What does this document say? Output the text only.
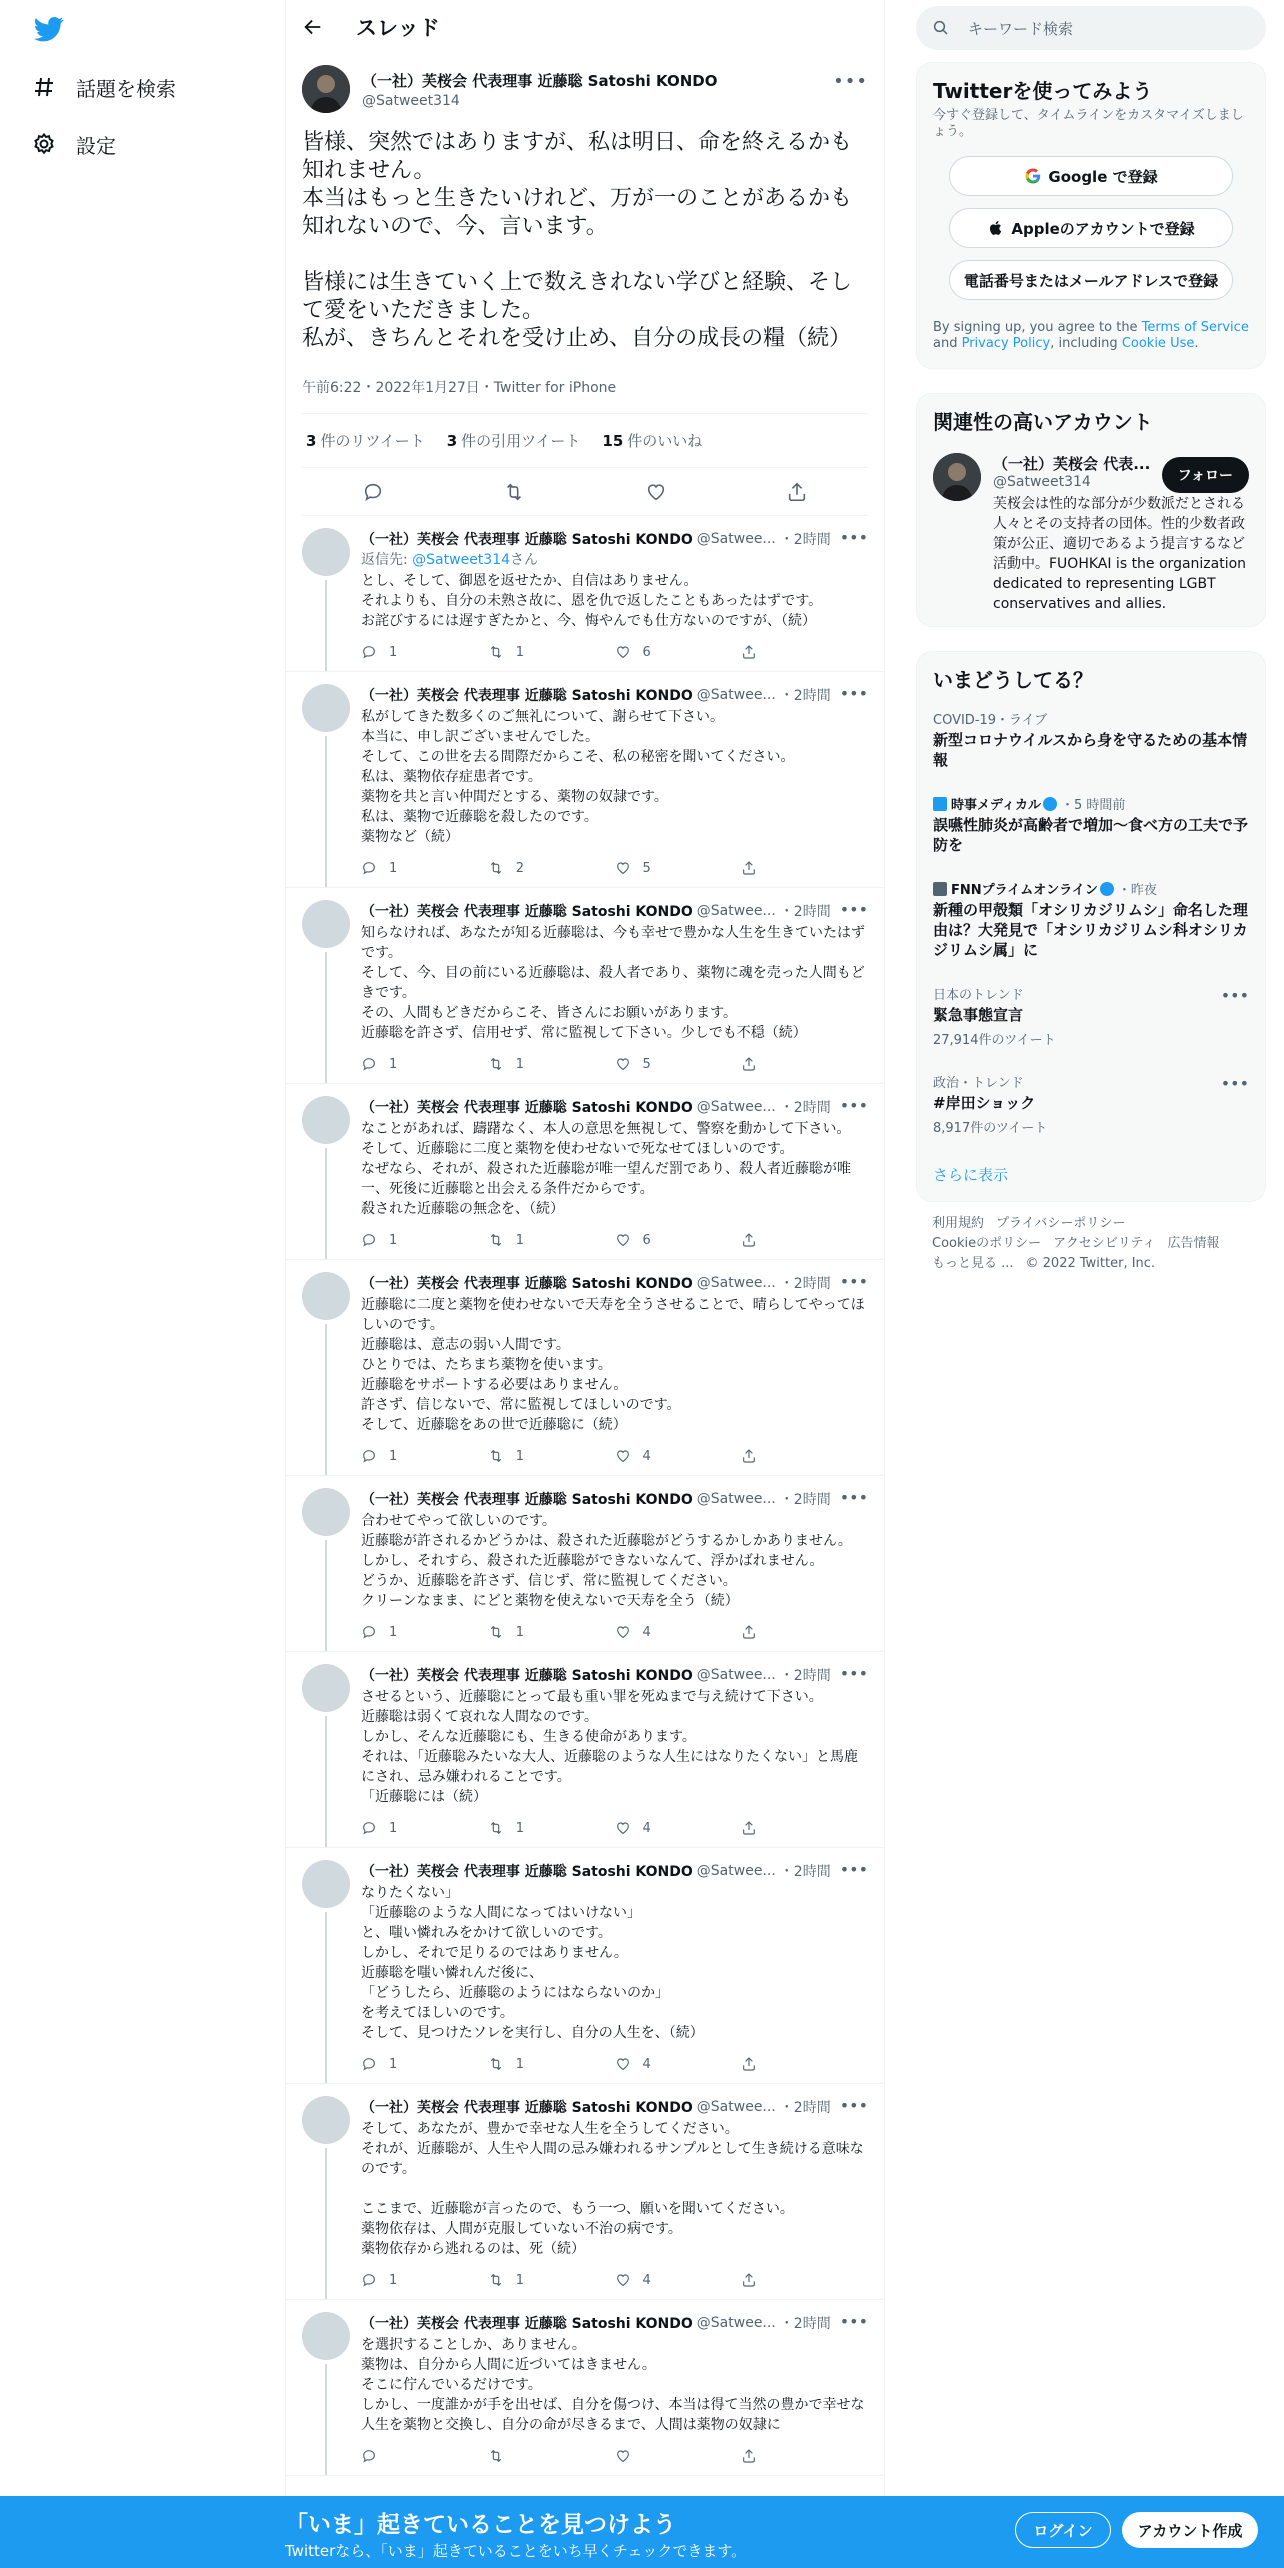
話題を検索
設定
スレッド
（一社）芙桜会 代表理事 近藤聡 Satoshi KONDO
@Satweet314
•••
皆様、突然ではありますが、私は明日、命を終えるかも知れません。
本当はもっと生きたいけれど、万が一のことがあるかも知れないので、今、言います。

皆様には生きていく上で数えきれない学びと経験、そして愛をいただきました。
私が、きちんとそれを受け止め、自分の成長の糧（続）
午前6:22・2022年1月27日・Twitter for iPhone
3 件のリツイート 3 件の引用ツイート 15 件のいいね
（一社）芙桜会 代表理事 近藤聡 Satoshi KONDO @Satwee... ・2時間 •••
返信先: @Satweet314さん
とし、そして、御恩を返せたか、自信はありません。
それよりも、自分の未熟さ故に、恩を仇で返したこともあったはずです。
お詫びするには遅すぎたかと、今、悔やんでも仕方ないのですが、（続）
1	1	6
（一社）芙桜会 代表理事 近藤聡 Satoshi KONDO @Satwee... ・2時間 •••
私がしてきた数多くのご無礼について、謝らせて下さい。
本当に、申し訳ございませんでした。
そして、この世を去る間際だからこそ、私の秘密を聞いてください。
私は、薬物依存症患者です。
薬物を共と言い仲間だとする、薬物の奴隷です。
私は、薬物で近藤聡を殺したのです。
薬物など（続）
1	2	5
（一社）芙桜会 代表理事 近藤聡 Satoshi KONDO @Satwee... ・2時間 •••
知らなければ、あなたが知る近藤聡は、今も幸せで豊かな人生を生きていたはずです。
そして、今、目の前にいる近藤聡は、殺人者であり、薬物に魂を売った人間もどきです。
その、人間もどきだからこそ、皆さんにお願いがあります。
近藤聡を許さず、信用せず、常に監視して下さい。少しでも不穏（続）
1	1	5
（一社）芙桜会 代表理事 近藤聡 Satoshi KONDO @Satwee... ・2時間 •••
なことがあれば、躊躇なく、本人の意思を無視して、警察を動かして下さい。
そして、近藤聡に二度と薬物を使わせないで死なせてほしいのです。
なぜなら、それが、殺された近藤聡が唯一望んだ罰であり、殺人者近藤聡が唯一、死後に近藤聡と出会える条件だからです。
殺された近藤聡の無念を、（続）
1	1	6
（一社）芙桜会 代表理事 近藤聡 Satoshi KONDO @Satwee... ・2時間 •••
近藤聡に二度と薬物を使わせないで天寿を全うさせることで、晴らしてやってほしいのです。
近藤聡は、意志の弱い人間です。
ひとりでは、たちまち薬物を使います。
近藤聡をサポートする必要はありません。
許さず、信じないで、常に監視してほしいのです。
そして、近藤聡をあの世で近藤聡に（続）
1	1	4
（一社）芙桜会 代表理事 近藤聡 Satoshi KONDO @Satwee... ・2時間 •••
合わせてやって欲しいのです。
近藤聡が許されるかどうかは、殺された近藤聡がどうするかしかありません。
しかし、それすら、殺された近藤聡ができないなんて、浮かばれません。
どうか、近藤聡を許さず、信じず、常に監視してください。
クリーンなまま、にどと薬物を使えないで天寿を全う（続）
1	1	4
（一社）芙桜会 代表理事 近藤聡 Satoshi KONDO @Satwee... ・2時間 •••
させるという、近藤聡にとって最も重い罪を死ぬまで与え続けて下さい。
近藤聡は弱くて哀れな人間なのです。
しかし、そんな近藤聡にも、生きる使命があります。
それは、「近藤聡みたいな大人、近藤聡のような人生にはなりたくない」と馬鹿にされ、忌み嫌われることです。
「近藤聡には（続）
1	1	4
（一社）芙桜会 代表理事 近藤聡 Satoshi KONDO @Satwee... ・2時間 •••
なりたくない」
「近藤聡のような人間になってはいけない」
と、嗤い憐れみをかけて欲しいのです。
しかし、それで足りるのではありません。
近藤聡を嗤い憐れんだ後に、
「どうしたら、近藤聡のようにはならないのか」
を考えてほしいのです。
そして、見つけたソレを実行し、自分の人生を、（続）
1	1	4
（一社）芙桜会 代表理事 近藤聡 Satoshi KONDO @Satwee... ・2時間 •••
そして、あなたが、豊かで幸せな人生を全うしてください。
それが、近藤聡が、人生や人間の忌み嫌われるサンプルとして生き続ける意味なのです。

ここまで、近藤聡が言ったので、もう一つ、願いを聞いてください。
薬物依存は、人間が克服していない不治の病です。
薬物依存から逃れるのは、死（続）
1	1	4
（一社）芙桜会 代表理事 近藤聡 Satoshi KONDO @Satwee... ・2時間 •••
を選択することしか、ありません。
薬物は、自分から人間に近づいてはきません。
そこに佇んでいるだけです。
しかし、一度誰かが手を出せば、自分を傷つけ、本当は得て当然の豊かで幸せな人生を薬物と交換し、自分の命が尽きるまで、人間は薬物の奴隷に
キーワード検索
Twitterを使ってみよう
今すぐ登録して、タイムラインをカスタマイズしましょう。
Google で登録
Appleのアカウントで登録
電話番号またはメールアドレスで登録
By signing up, you agree to the Terms of Service and Privacy Policy, including Cookie Use.
関連性の高いアカウント
（一社）芙桜会 代表...
@Satweet314	フォロー
芙桜会は性的な部分が少数派だとされる人々とその支持者の団体。性的少数者政策が公正、適切であるよう提言するなど活動中。FUOHKAI is the organization dedicated to representing LGBT conservatives and allies.
いまどうしてる？
COVID-19・ライブ
新型コロナウイルスから身を守るための基本情報
時事メディカル ・5 時間前
誤嚥性肺炎が高齢者で増加～食べ方の工夫で予防を
FNNプライムオンライン ・昨夜
新種の甲殻類「オシリカジリムシ」命名した理由は？大発見で「オシリカジリムシ科オシリカジリムシ属」に
日本のトレンド
緊急事態宣言
27,914件のツイート
•••
政治・トレンド
#岸田ショック
8,917件のツイート
•••
さらに表示
利用規約 プライバシーポリシー
Cookieのポリシー アクセシビリティ 広告情報
もっと見る ... © 2022 Twitter, Inc.
「いま」起きていることを見つけよう
Twitterなら、「いま」起きていることをいち早くチェックできます。
ログイン	アカウント作成
